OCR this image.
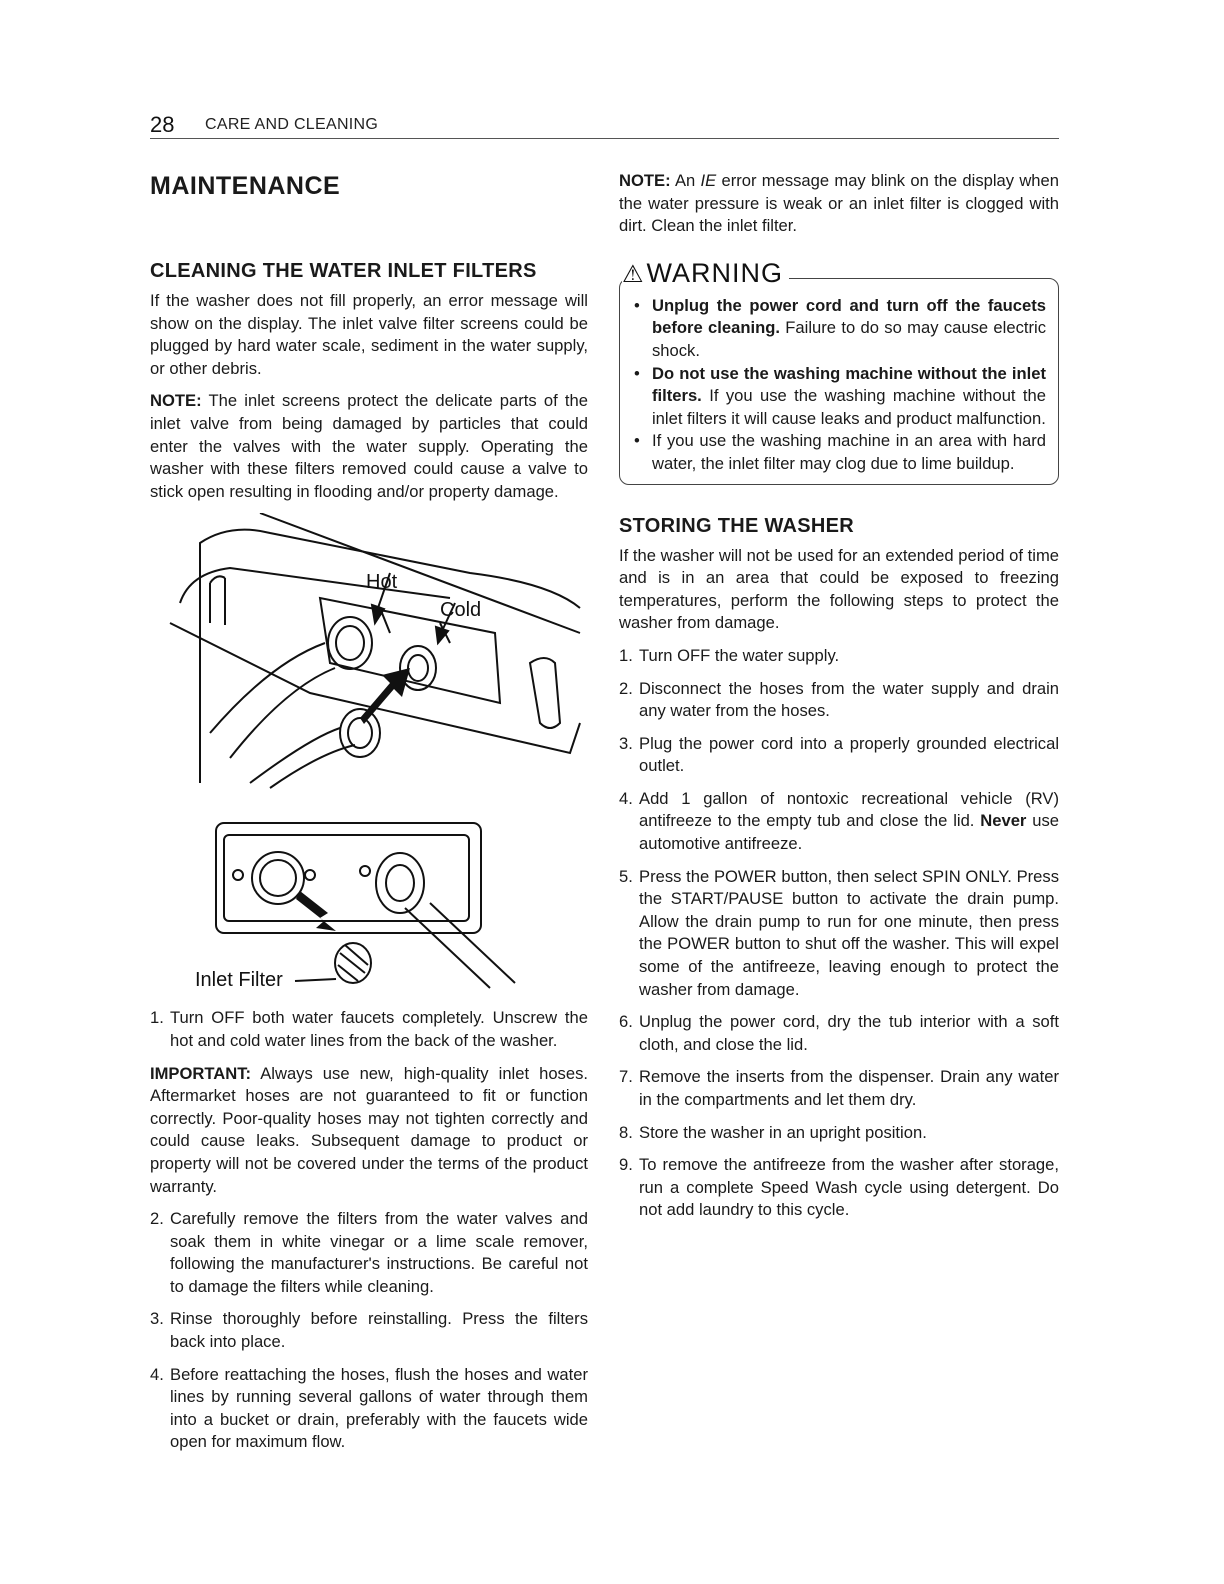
28 CARE AND CLEANING
MAINTENANCE
CLEANING THE WATER INLET FILTERS

If the washer does not fill properly, an error message will show on the display. The inlet valve filter screens could be plugged by hard water scale, sediment in the water supply, or other debris.

NOTE: The inlet screens protect the delicate parts of the inlet valve from being damaged by particles that could enter the valves with the water supply. Operating the washer with these filters removed could cause a valve to stick open resulting in flooding and/or property damage.

Hot
Cold
Inlet Filter
1. Turn OFF both water faucets completely. Unscrew the hot and cold water lines from the back of the washer.

IMPORTANT: Always use new, high-quality inlet hoses. Aftermarket hoses are not guaranteed to fit or function correctly. Poor-quality hoses may not tighten correctly and could cause leaks. Subsequent damage to product or property will not be covered under the terms of the product warranty.

2. Carefully remove the filters from the water valves and soak them in white vinegar or a lime scale remover, following the manufacturer's instructions. Be careful not to damage the filters while cleaning.
3. Rinse thoroughly before reinstalling. Press the filters back into place.
4. Before reattaching the hoses, flush the hoses and water lines by running several gallons of water through them into a bucket or drain, preferably with the faucets wide open for maximum flow.

NOTE: An IE error message may blink on the display when the water pressure is weak or an inlet filter is clogged with dirt. Clean the inlet filter.

⚠WARNING
• Unplug the power cord and turn off the faucets before cleaning. Failure to do so may cause electric shock.
• Do not use the washing machine without the inlet filters. If you use the washing machine without the inlet filters it will cause leaks and product malfunction.
• If you use the washing machine in an area with hard water, the inlet filter may clog due to lime buildup.
STORING THE WASHER

If the washer will not be used for an extended period of time and is in an area that could be exposed to freezing temperatures, perform the following steps to protect the washer from damage.

1. Turn OFF the water supply.
2. Disconnect the hoses from the water supply and drain any water from the hoses.
3. Plug the power cord into a properly grounded electrical outlet.
4. Add 1 gallon of nontoxic recreational vehicle (RV) antifreeze to the empty tub and close the lid. Never use automotive antifreeze.
5. Press the POWER button, then select SPIN ONLY. Press the START/PAUSE button to activate the drain pump. Allow the drain pump to run for one minute, then press the POWER button to shut off the washer. This will expel some of the antifreeze, leaving enough to protect the washer from damage.
6. Unplug the power cord, dry the tub interior with a soft cloth, and close the lid.
7. Remove the inserts from the dispenser. Drain any water in the compartments and let them dry.
8. Store the washer in an upright position.
9. To remove the antifreeze from the washer after storage, run a complete Speed Wash cycle using detergent. Do not add laundry to this cycle.
